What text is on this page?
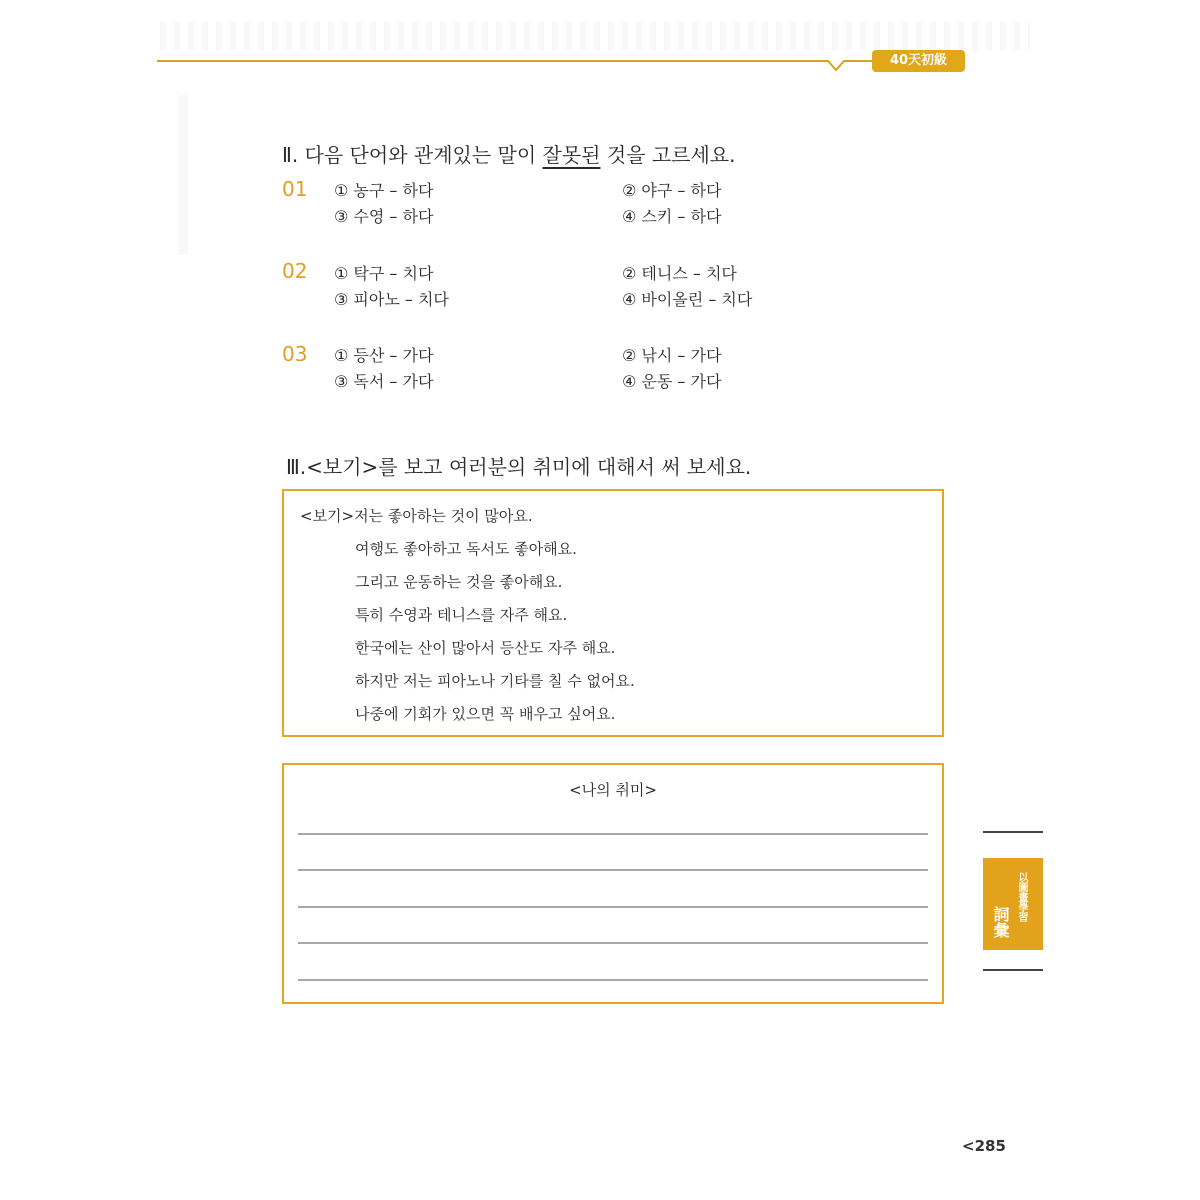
40天初級
Ⅱ. 다음 단어와 관계있는 말이 잘못된 것을 고르세요.
01 ① 농구 – 하다	② 야구 – 하다
③ 수영 – 하다	④ 스키 – 하다
02 ① 탁구 – 치다	② 테니스 – 치다
③ 피아노 – 치다	④ 바이올린 – 치다
03 ① 등산 – 가다	② 낚시 – 가다
③ 독서 – 가다	④ 운동 – 가다
Ⅲ.<보기>를 보고 여러분의 취미에 대해서 써 보세요.
<보기>저는 좋아하는 것이 많아요.
여행도 좋아하고 독서도 좋아해요.
그리고 운동하는 것을 좋아해요.
특히 수영과 테니스를 자주 해요.
한국에는 산이 많아서 등산도 자주 해요.
하지만 저는 피아노나 기타를 칠 수 없어요.
나중에 기회가 있으면 꼭 배우고 싶어요.
<나의 취미>
以圖畫學習
詞彙
<285
